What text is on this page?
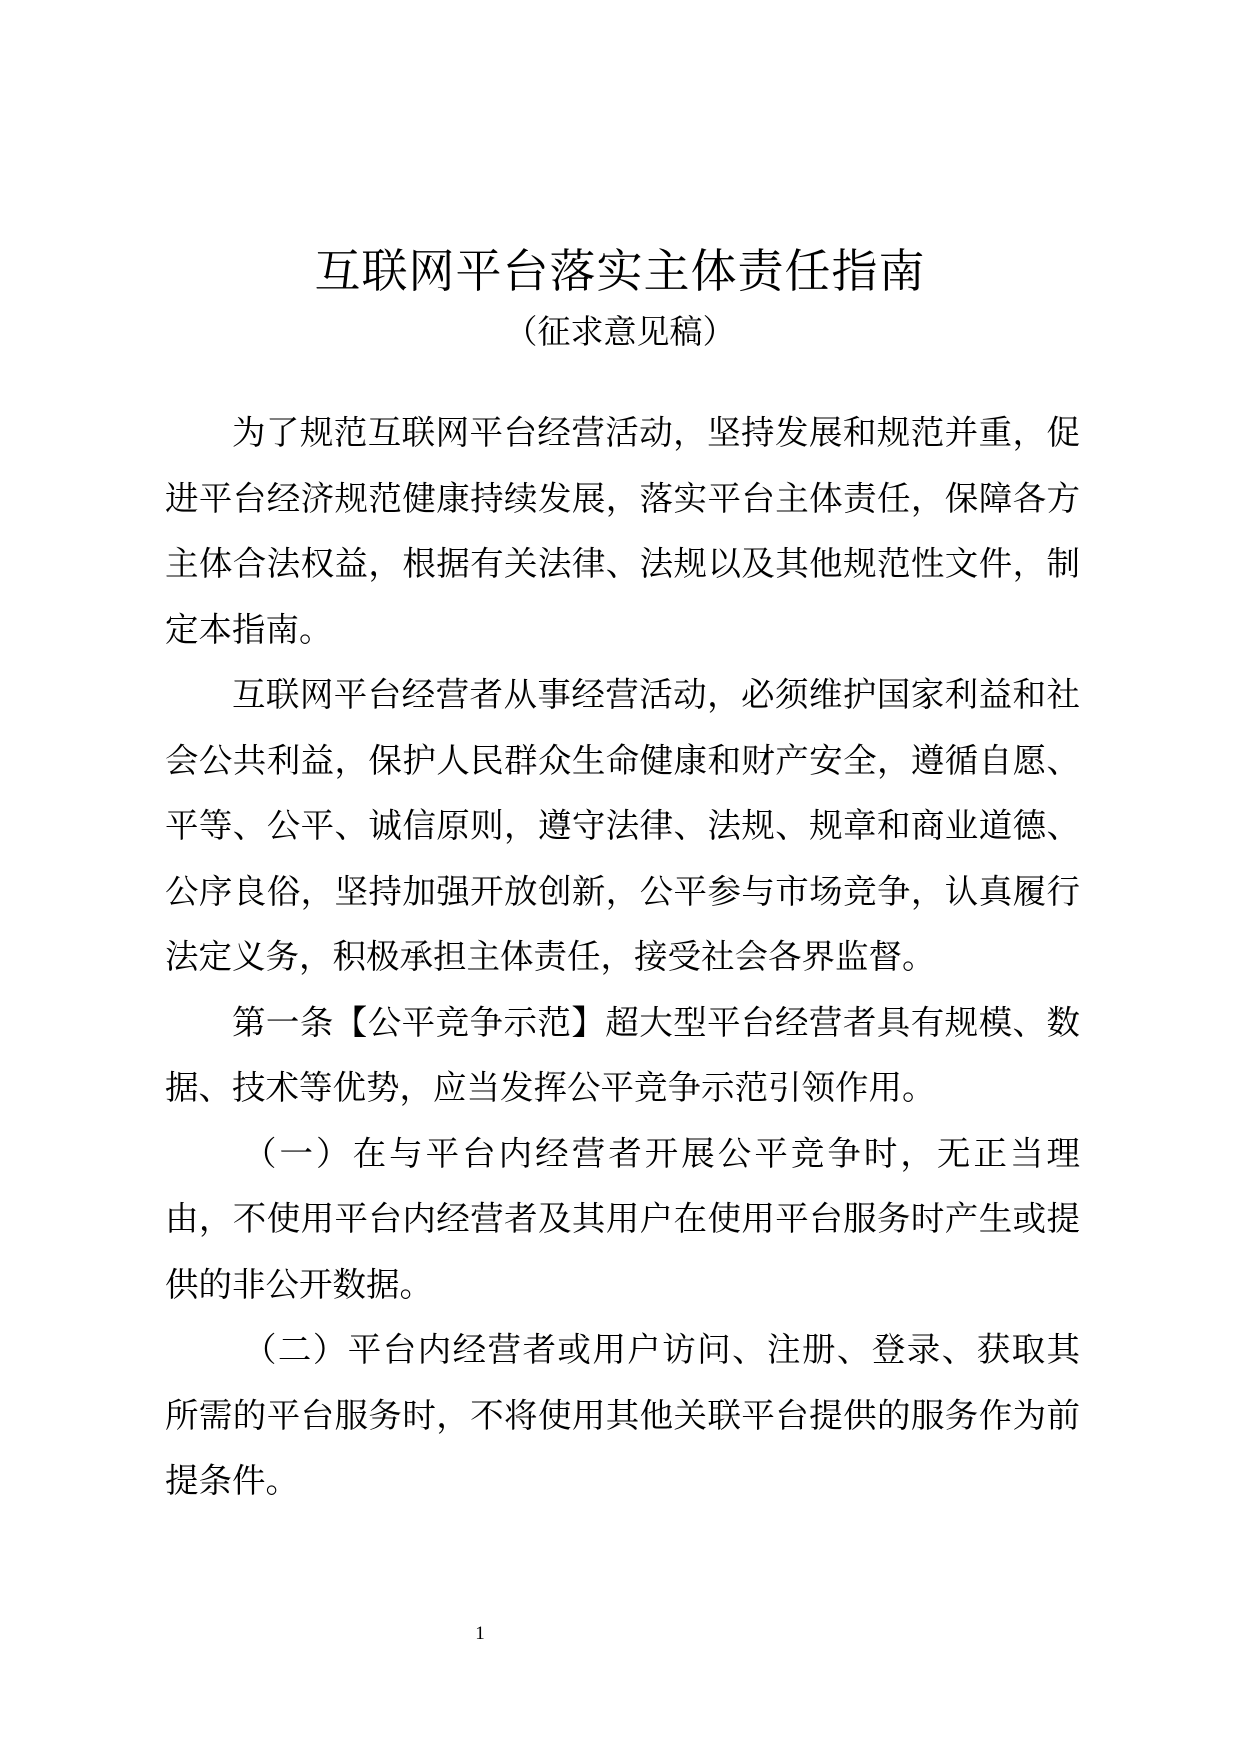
互联网平台落实主体责任指南
（征求意见稿）

为了规范互联网平台经营活动，坚持发展和规范并重，促进平台经济规范健康持续发展，落实平台主体责任，保障各方主体合法权益，根据有关法律、法规以及其他规范性文件，制定本指南。

互联网平台经营者从事经营活动，必须维护国家利益和社会公共利益，保护人民群众生命健康和财产安全，遵循自愿、平等、公平、诚信原则，遵守法律、法规、规章和商业道德、公序良俗，坚持加强开放创新，公平参与市场竞争，认真履行法定义务，积极承担主体责任，接受社会各界监督。

第一条【公平竞争示范】超大型平台经营者具有规模、数据、技术等优势，应当发挥公平竞争示范引领作用。

（一）在与平台内经营者开展公平竞争时，无正当理由，不使用平台内经营者及其用户在使用平台服务时产生或提供的非公开数据。

（二）平台内经营者或用户访问、注册、登录、获取其所需的平台服务时，不将使用其他关联平台提供的服务作为前提条件。

1
